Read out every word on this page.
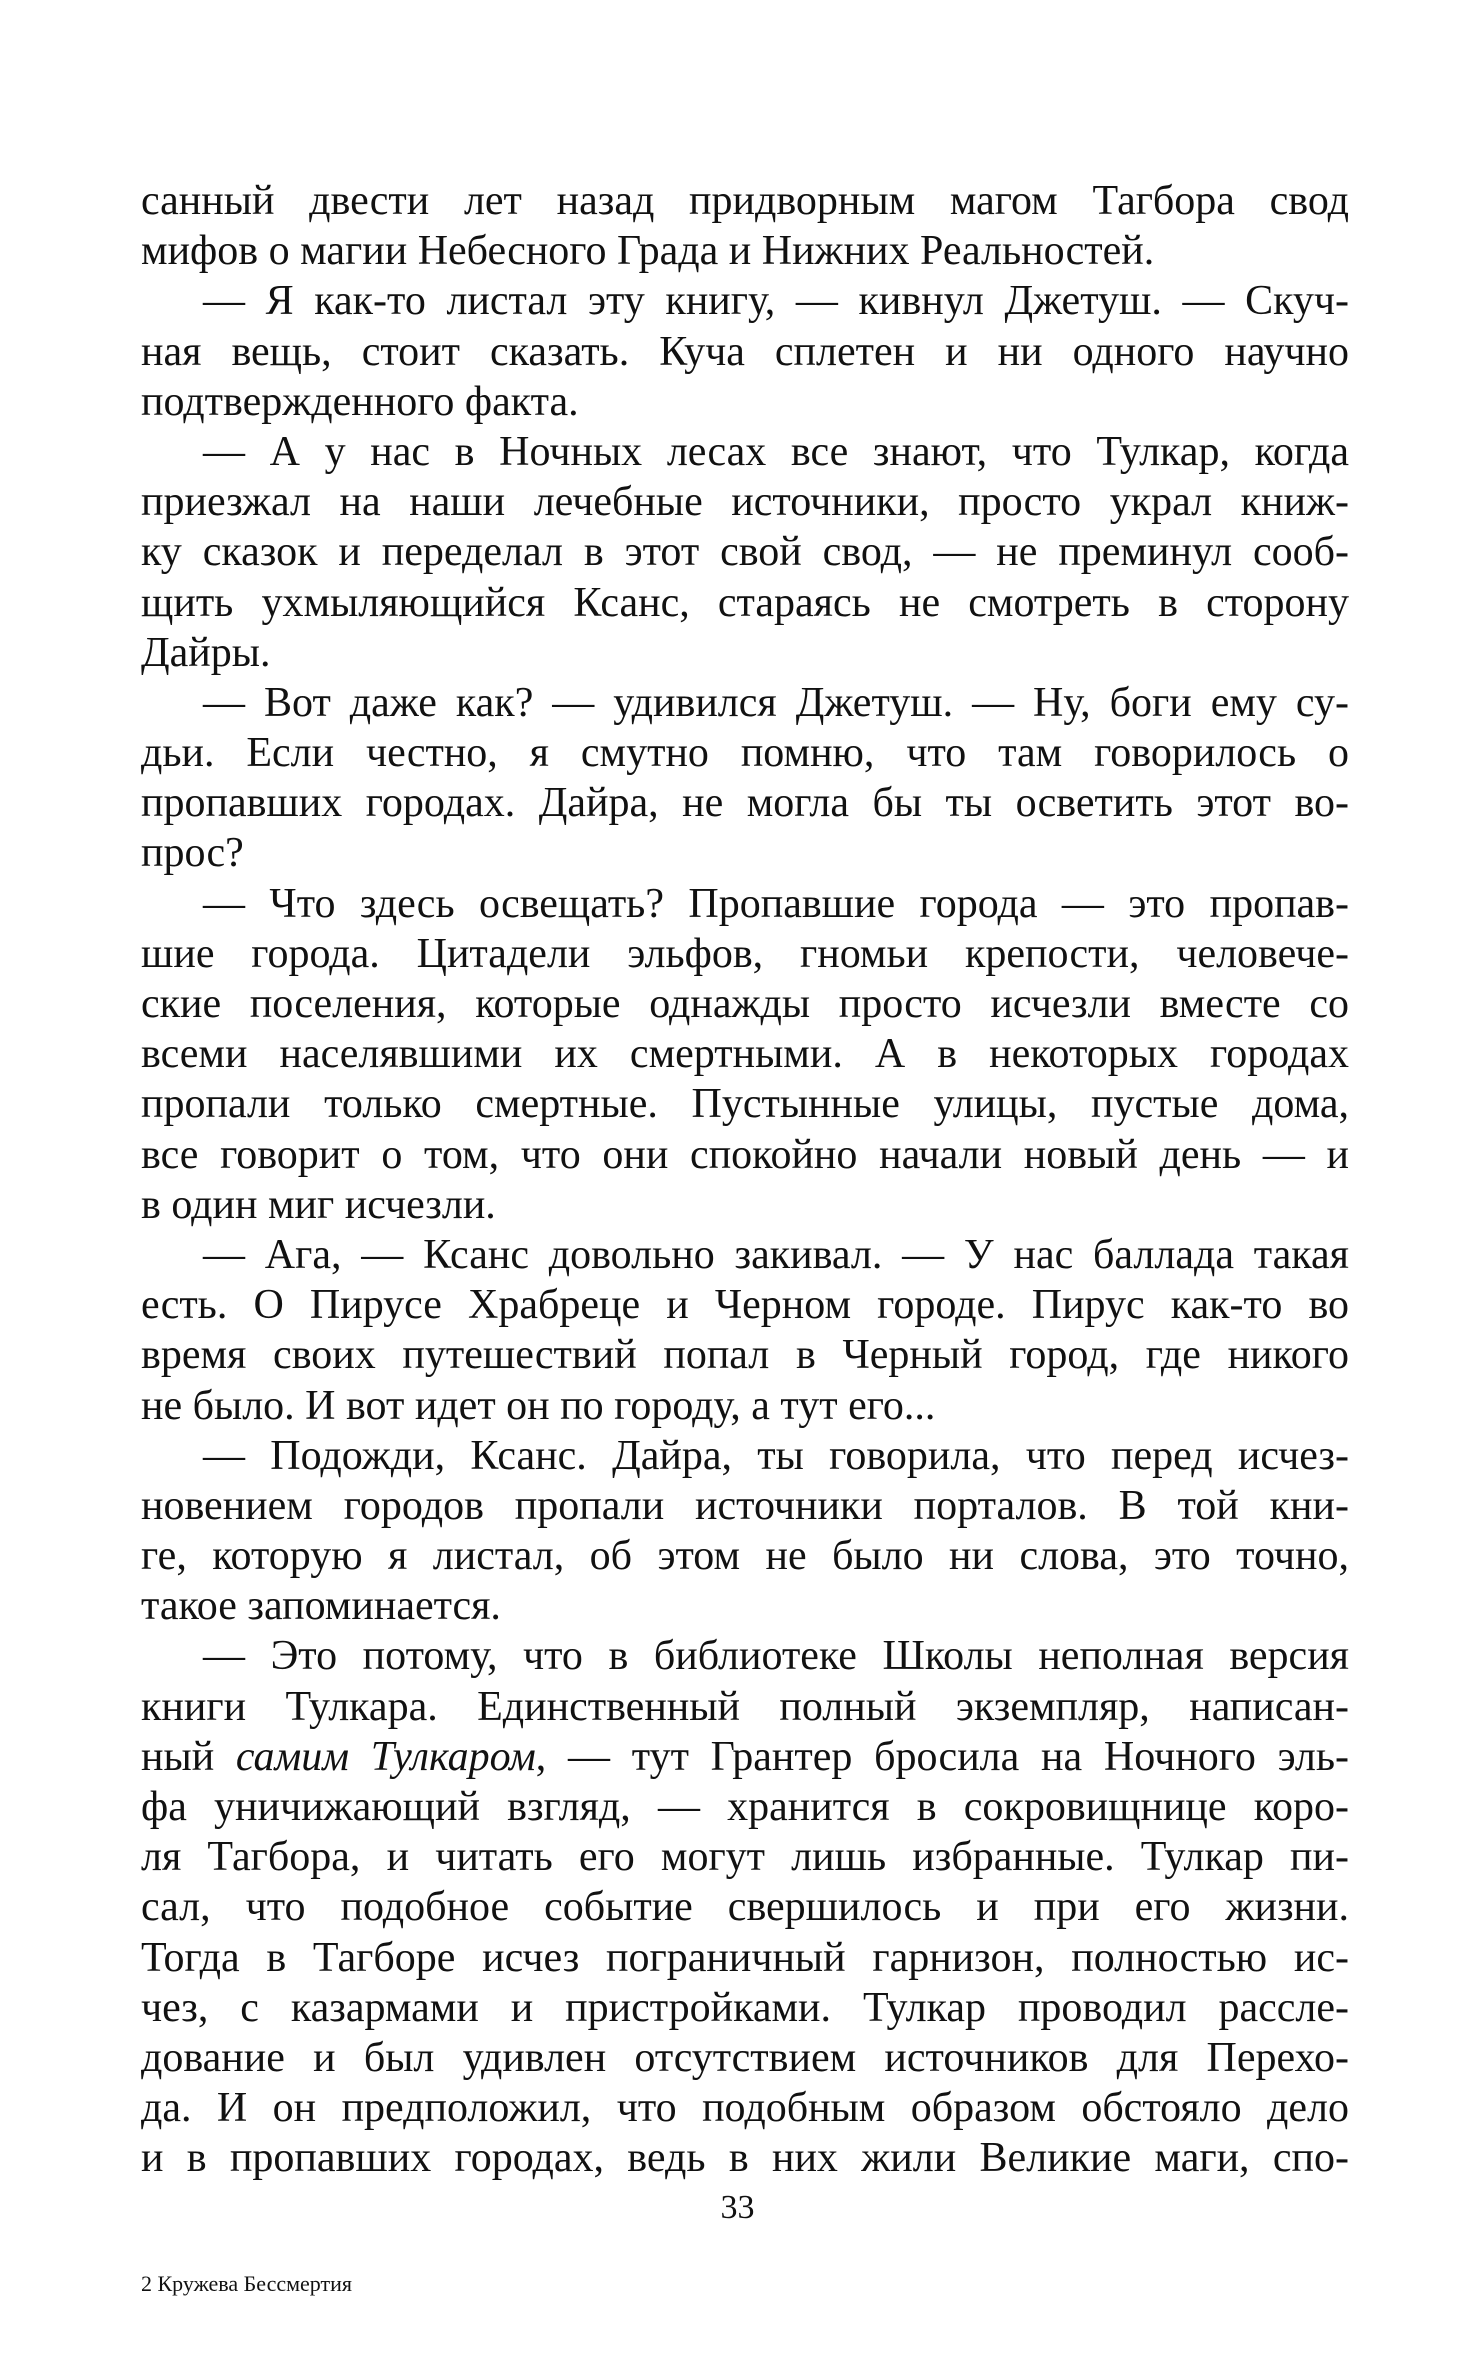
санный двести лет назад придворным магом Тагбора свод
мифов о магии Небесного Града и Нижних Реальностей.
— Я как-то листал эту книгу, — кивнул Джетуш. — Скуч-
ная вещь, стоит сказать. Куча сплетен и ни одного научно
подтвержденного факта.
— А у нас в Ночных лесах все знают, что Тулкар, когда
приезжал на наши лечебные источники, просто украл книж-
ку сказок и переделал в этот свой свод, — не преминул сооб-
щить ухмыляющийся Ксанс, стараясь не смотреть в сторону
Дайры.
— Вот даже как? — удивился Джетуш. — Ну, боги ему су-
дьи. Если честно, я смутно помню, что там говорилось о
пропавших городах. Дайра, не могла бы ты осветить этот во-
прос?
— Что здесь освещать? Пропавшие города — это пропав-
шие города. Цитадели эльфов, гномьи крепости, человече-
ские поселения, которые однажды просто исчезли вместе со
всеми населявшими их смертными. А в некоторых городах
пропали только смертные. Пустынные улицы, пустые дома,
все говорит о том, что они спокойно начали новый день — и
в один миг исчезли.
— Ага, — Ксанс довольно закивал. — У нас баллада такая
есть. О Пирусе Храбреце и Черном городе. Пирус как-то во
время своих путешествий попал в Черный город, где никого
не было. И вот идет он по городу, а тут его...
— Подожди, Ксанс. Дайра, ты говорила, что перед исчез-
новением городов пропали источники порталов. В той кни-
ге, которую я листал, об этом не было ни слова, это точно,
такое запоминается.
— Это потому, что в библиотеке Школы неполная версия
книги Тулкара. Единственный полный экземпляр, написан-
ный самим Тулкаром, — тут Грантер бросила на Ночного эль-
фа уничижающий взгляд, — хранится в сокровищнице коро-
ля Тагбора, и читать его могут лишь избранные. Тулкар пи-
сал, что подобное событие свершилось и при его жизни.
Тогда в Тагборе исчез пограничный гарнизон, полностью ис-
чез, с казармами и пристройками. Тулкар проводил рассле-
дование и был удивлен отсутствием источников для Перехо-
да. И он предположил, что подобным образом обстояло дело
и в пропавших городах, ведь в них жили Великие маги, спо-
33
2 Кружева Бессмертия
